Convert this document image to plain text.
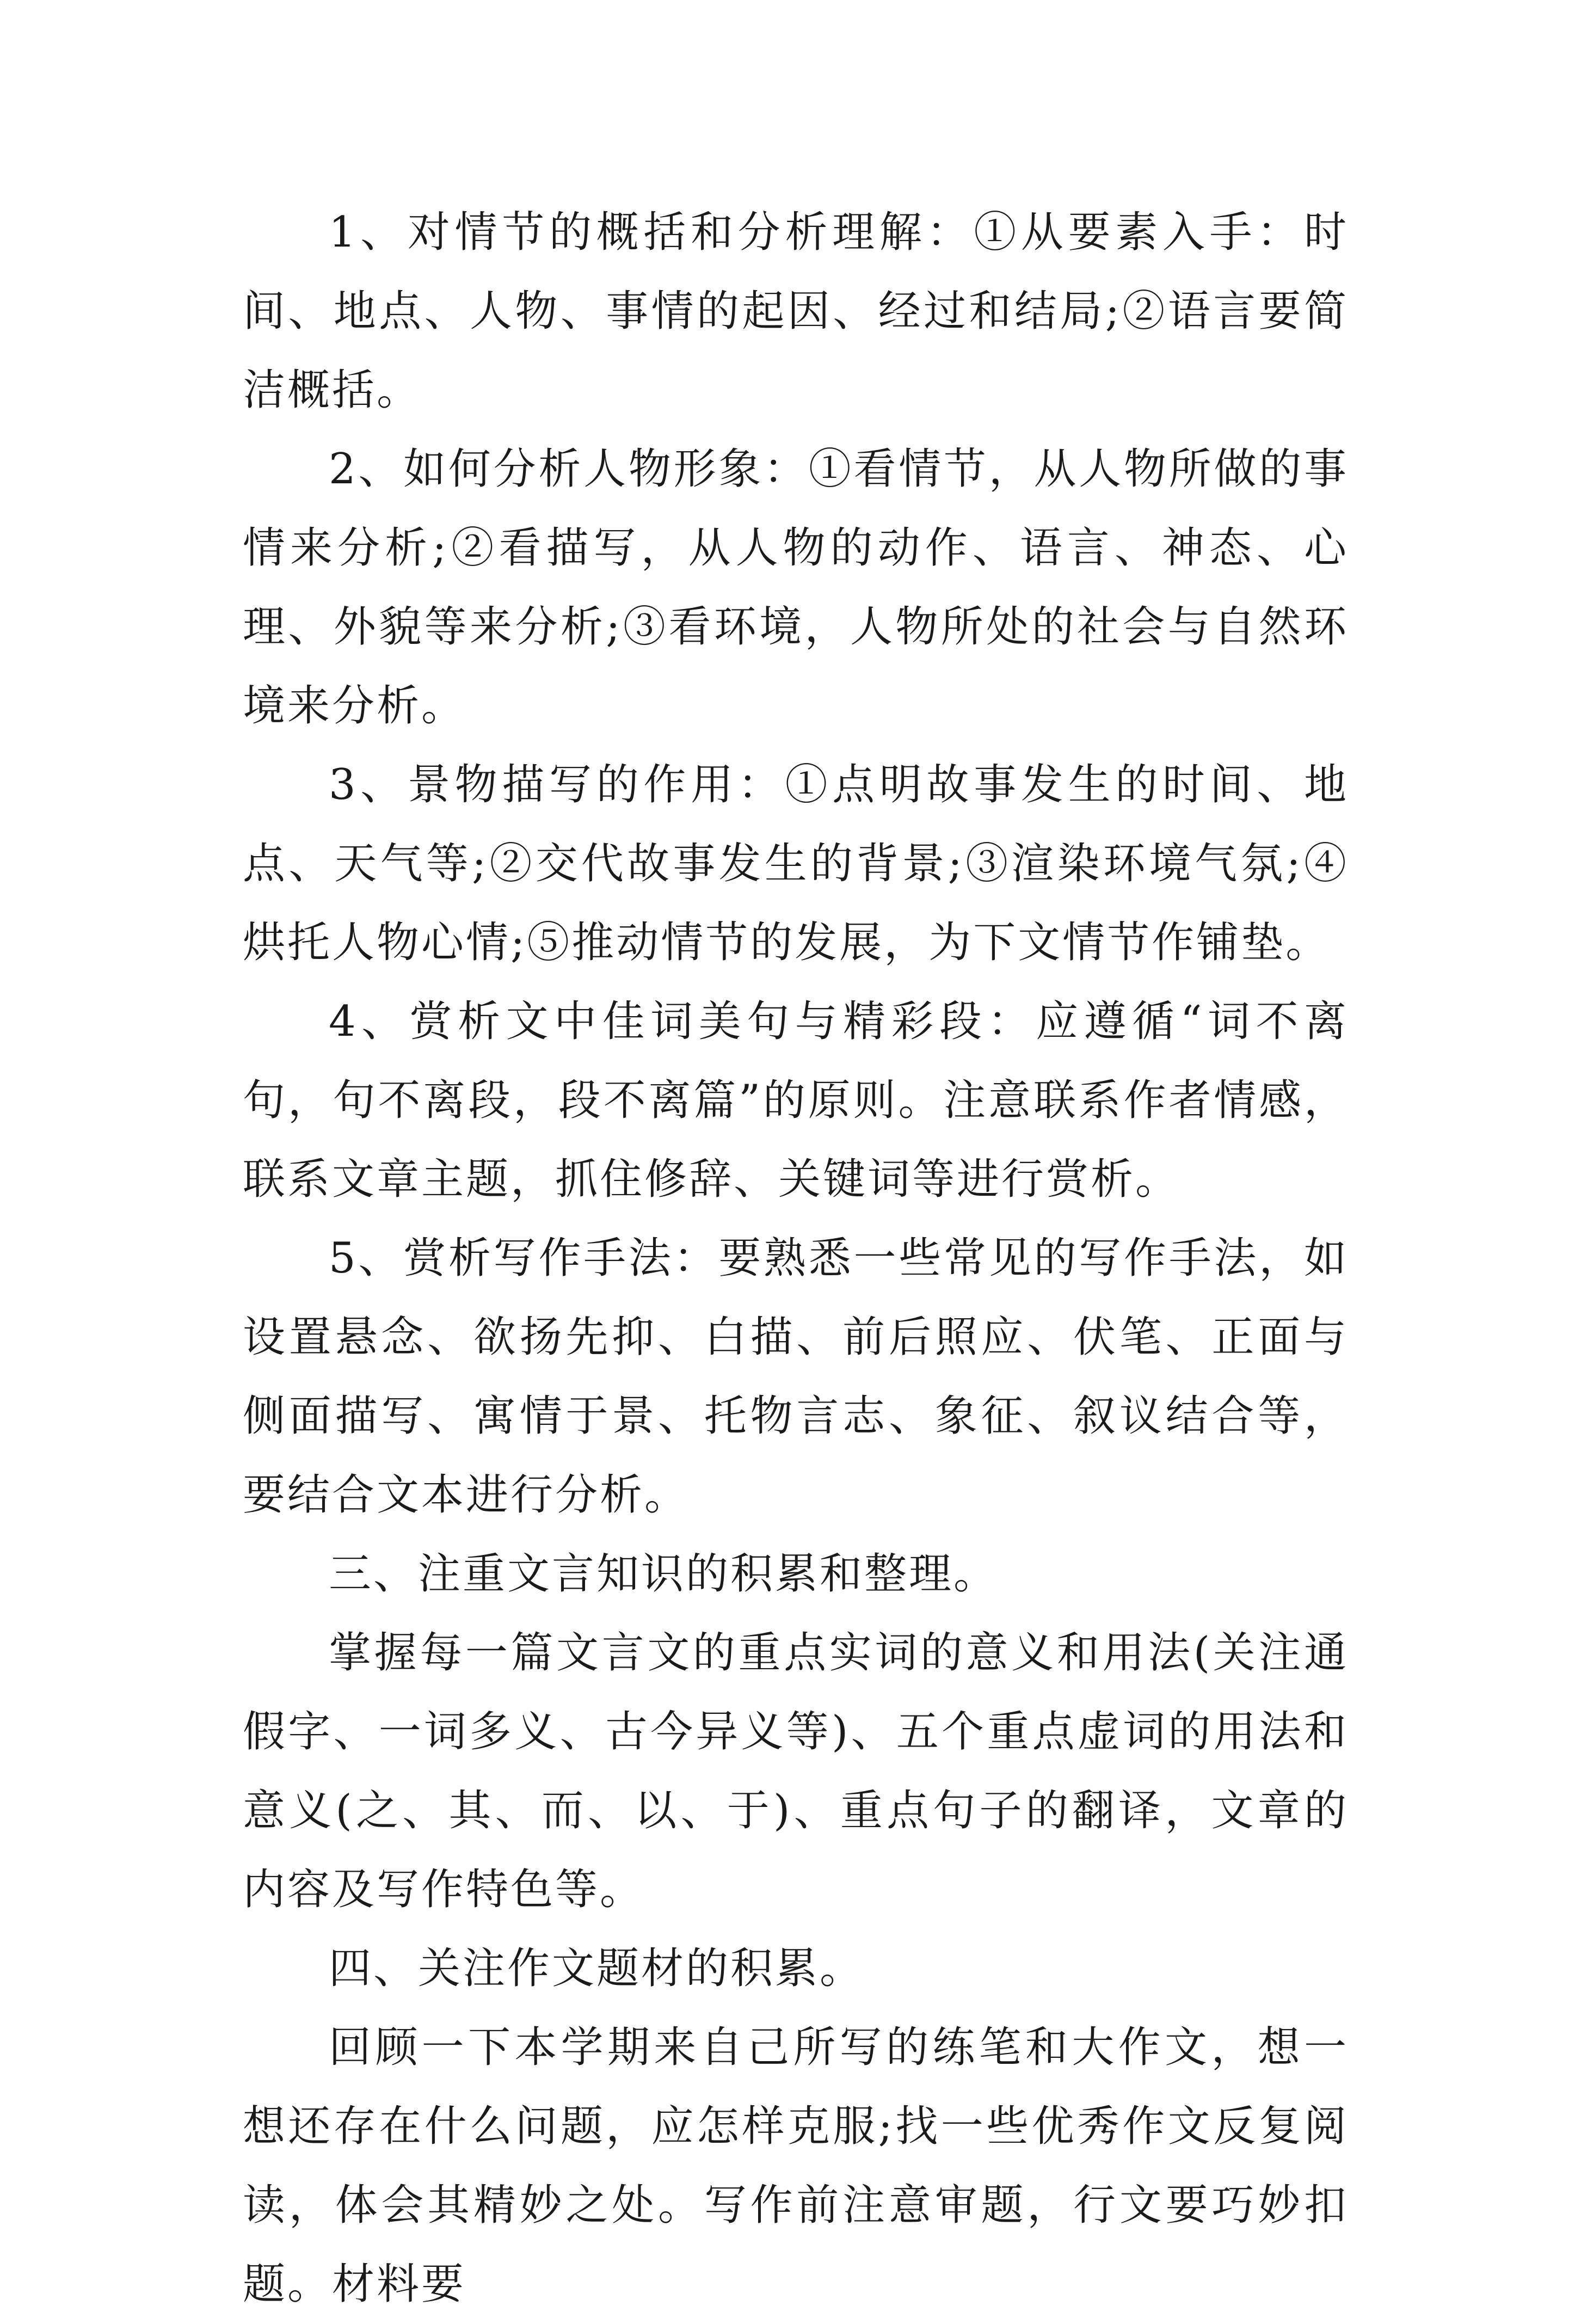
1、对情节的概括和分析理解：①从要素入手：时间、地点、人物、事情的起因、经过和结局;②语言要简洁概括。

2、如何分析人物形象：①看情节，从人物所做的事情来分析;②看描写，从人物的动作、语言、神态、心理、外貌等来分析;③看环境，人物所处的社会与自然环境来分析。

3、景物描写的作用：①点明故事发生的时间、地点、天气等;②交代故事发生的背景;③渲染环境气氛;④烘托人物心情;⑤推动情节的发展，为下文情节作铺垫。

4、赏析文中佳词美句与精彩段：应遵循“词不离句，句不离段，段不离篇”的原则。注意联系作者情感，联系文章主题，抓住修辞、关键词等进行赏析。

5、赏析写作手法：要熟悉一些常见的写作手法，如设置悬念、欲扬先抑、白描、前后照应、伏笔、正面与侧面描写、寓情于景、托物言志、象征、叙议结合等，要结合文本进行分析。

三、注重文言知识的积累和整理。

掌握每一篇文言文的重点实词的意义和用法(关注通假字、一词多义、古今异义等)、五个重点虚词的用法和意义(之、其、而、以、于)、重点句子的翻译，文章的内容及写作特色等。

四、关注作文题材的积累。

回顾一下本学期来自己所写的练笔和大作文，想一想还存在什么问题，应怎样克服;找一些优秀作文反复阅读，体会其精妙之处。写作前注意审题，行文要巧妙扣题。材料要
